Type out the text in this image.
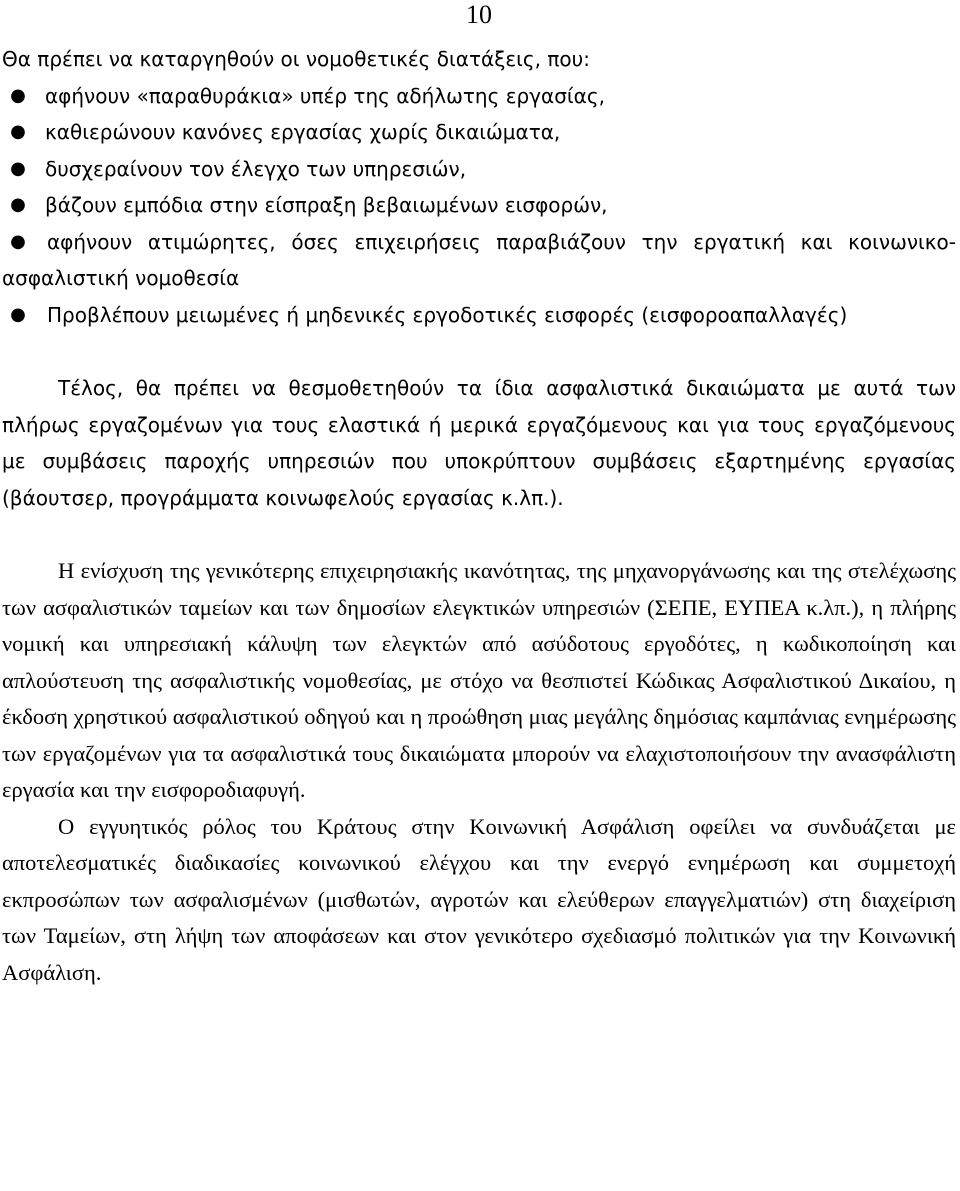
10

Θα πρέπει να καταργηθούν οι νομοθετικές διατάξεις, που:

● αφήνουν «παραθυράκια» υπέρ της αδήλωτης εργασίας,
● καθιερώνουν κανόνες εργασίας χωρίς δικαιώματα,
● δυσχεραίνουν τον έλεγχο των υπηρεσιών,
● βάζουν εμπόδια στην είσπραξη βεβαιωμένων εισφορών,
●	αφήνουν ατιμώρητες, όσες επιχειρήσεις παραβιάζουν την εργατική και κοινωνικο-ασφαλιστική νομοθεσία
●	Προβλέπουν μειωμένες ή μηδενικές εργοδοτικές εισφορές (εισφοροαπαλλαγές)

Τέλος, θα πρέπει να θεσμοθετηθούν τα ίδια ασφαλιστικά δικαιώματα με αυτά των πλήρως εργαζομένων για τους ελαστικά ή μερικά εργαζόμενους και για τους εργαζόμενους με συμβάσεις παροχής υπηρεσιών που υποκρύπτουν συμβάσεις εξαρτημένης εργασίας (βάουτσερ, προγράμματα κοινωφελούς εργασίας κ.λπ.).

Η ενίσχυση της γενικότερης επιχειρησιακής ικανότητας, της μηχανοργάνωσης και της στελέχωσης των ασφαλιστικών ταμείων και των δημοσίων ελεγκτικών υπηρεσιών (ΣΕΠΕ, ΕΥΠΕΑ κ.λπ.), η πλήρης νομική και υπηρεσιακή κάλυψη των ελεγκτών από ασύδοτους εργοδότες, η κωδικοποίηση και απλούστευση της ασφαλιστικής νομοθεσίας, με στόχο να θεσπιστεί Κώδικας Ασφαλιστικού Δικαίου, η έκδοση χρηστικού ασφαλιστικού οδηγού και η προώθηση μιας μεγάλης δημόσιας καμπάνιας ενημέρωσης των εργαζομένων για τα ασφαλιστικά τους δικαιώματα μπορούν να ελαχιστοποιήσουν την ανασφάλιστη εργασία και την εισφοροδιαφυγή.

Ο εγγυητικός ρόλος του Κράτους στην Κοινωνική Ασφάλιση οφείλει να συνδυάζεται με αποτελεσματικές διαδικασίες κοινωνικού ελέγχου και την ενεργό ενημέρωση και συμμετοχή εκπροσώπων των ασφαλισμένων (μισθωτών, αγροτών και ελεύθερων επαγγελματιών) στη διαχείριση των Ταμείων, στη λήψη των αποφάσεων και στον γενικότερο σχεδιασμό πολιτικών για την Κοινωνική Ασφάλιση.
